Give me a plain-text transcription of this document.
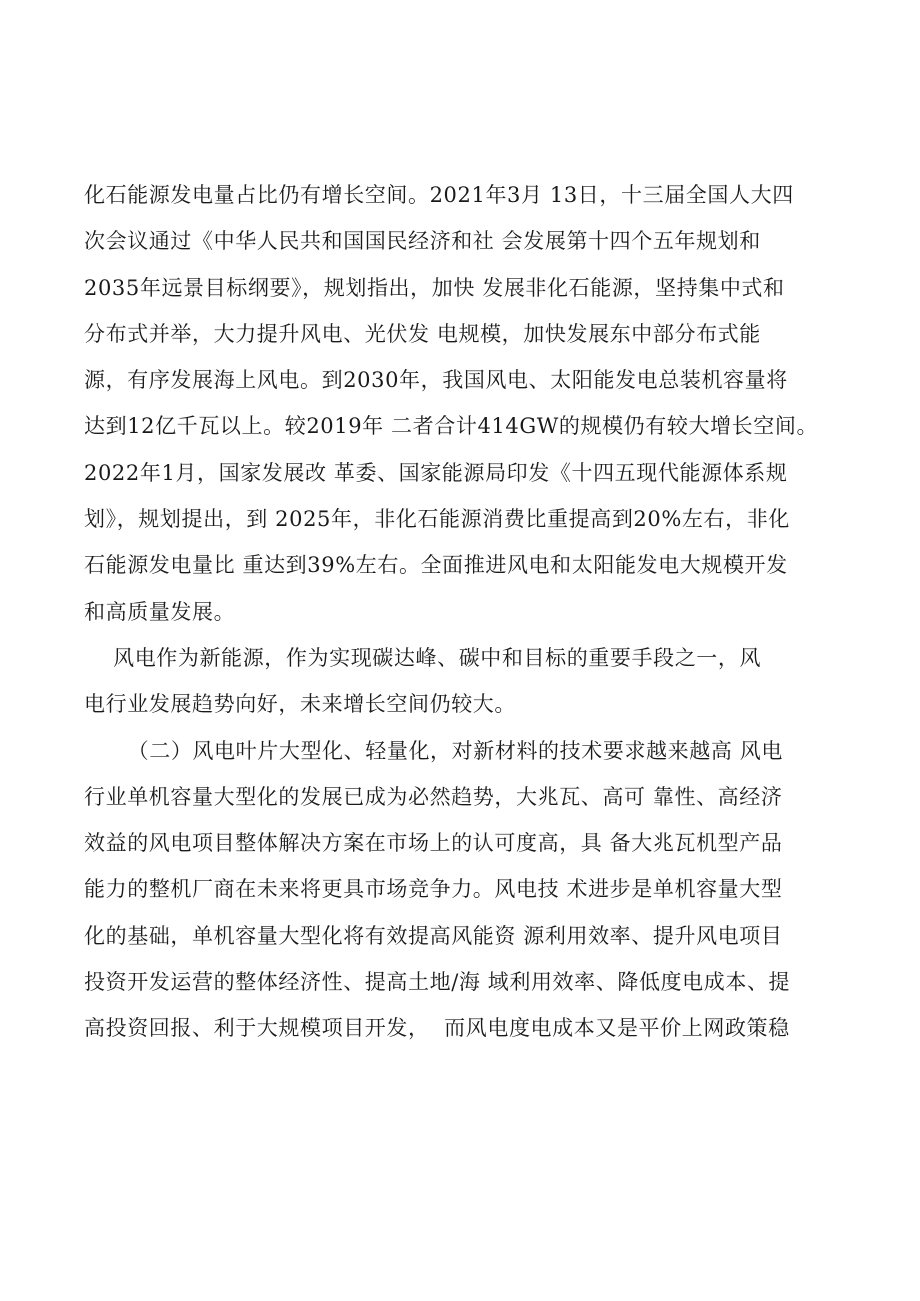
化石能源发电量占比仍有增长空间。2021年3月 13日，十三届全国人大四
次会议通过《中华人民共和国国民经济和社 会发展第十四个五年规划和
2035年远景目标纲要》，规划指出，加快 发展非化石能源，坚持集中式和
分布式并举，大力提升风电、光伏发 电规模，加快发展东中部分布式能
源，有序发展海上风电。到2030年，我国风电、太阳能发电总装机容量将
达到12亿千瓦以上。较2019年 二者合计414GW的规模仍有较大增长空间。
2022年1月，国家发展改 革委、国家能源局印发《十四五现代能源体系规
划》，规划提出，到 2025年，非化石能源消费比重提高到20%左右，非化
石能源发电量比 重达到39%左右。全面推进风电和太阳能发电大规模开发
和高质量发展。
风电作为新能源，作为实现碳达峰、碳中和目标的重要手段之一，风
电行业发展趋势向好，未来增长空间仍较大。
（二）风电叶片大型化、轻量化，对新材料的技术要求越来越高 风电
行业单机容量大型化的发展已成为必然趋势，大兆瓦、高可 靠性、高经济
效益的风电项目整体解决方案在市场上的认可度高，具 备大兆瓦机型产品
能力的整机厂商在未来将更具市场竞争力。风电技 术进步是单机容量大型
化的基础，单机容量大型化将有效提高风能资 源利用效率、提升风电项目
投资开发运营的整体经济性、提高土地/海 域利用效率、降低度电成本、提
高投资回报、利于大规模项目开发，  而风电度电成本又是平价上网政策稳
